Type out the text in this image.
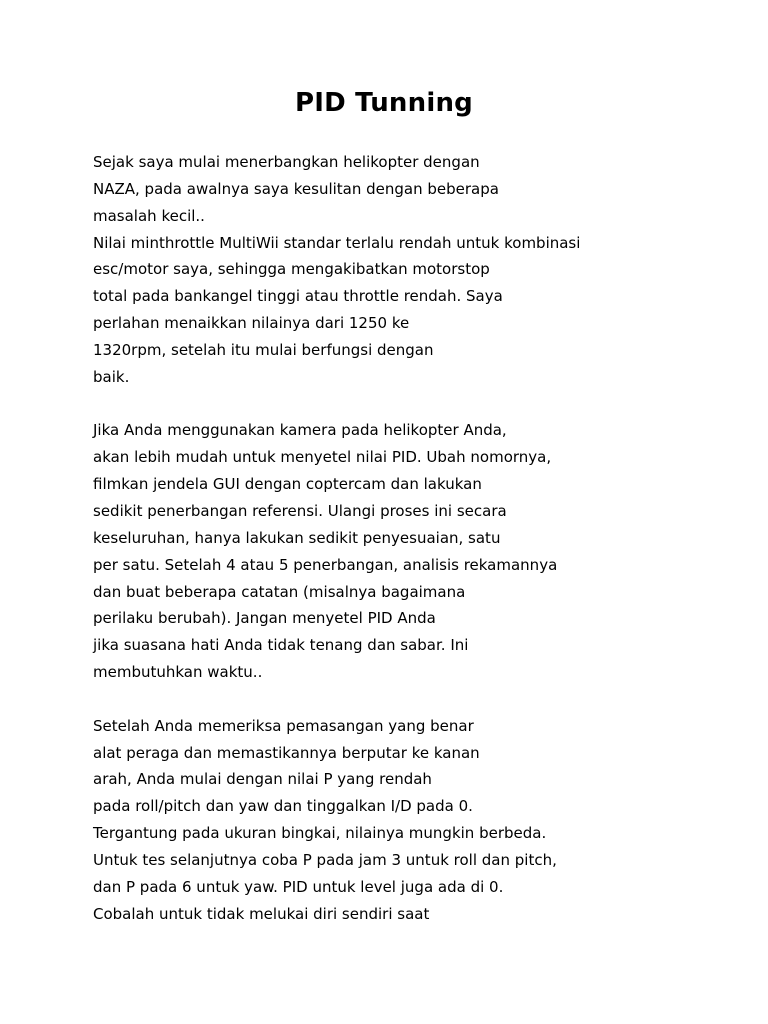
PID Tunning
Sejak saya mulai menerbangkan helikopter dengan
NAZA, pada awalnya saya kesulitan dengan beberapa
masalah kecil..
Nilai minthrottle MultiWii standar terlalu rendah untuk kombinasi
esc/motor saya, sehingga mengakibatkan motorstop
total pada bankangel tinggi atau throttle rendah. Saya
perlahan menaikkan nilainya dari 1250 ke
1320rpm, setelah itu mulai berfungsi dengan
baik.
Jika Anda menggunakan kamera pada helikopter Anda,
akan lebih mudah untuk menyetel nilai PID. Ubah nomornya,
filmkan jendela GUI dengan coptercam dan lakukan
sedikit penerbangan referensi. Ulangi proses ini secara
keseluruhan, hanya lakukan sedikit penyesuaian, satu
per satu. Setelah 4 atau 5 penerbangan, analisis rekamannya
dan buat beberapa catatan (misalnya bagaimana
perilaku berubah). Jangan menyetel PID Anda
jika suasana hati Anda tidak tenang dan sabar. Ini
membutuhkan waktu..
Setelah Anda memeriksa pemasangan yang benar
alat peraga dan memastikannya berputar ke kanan
arah, Anda mulai dengan nilai P yang rendah
pada roll/pitch dan yaw dan tinggalkan I/D pada 0.
Tergantung pada ukuran bingkai, nilainya mungkin berbeda.
Untuk tes selanjutnya coba P pada jam 3 untuk roll dan pitch,
dan P pada 6 untuk yaw. PID untuk level juga ada di 0.
Cobalah untuk tidak melukai diri sendiri saat
